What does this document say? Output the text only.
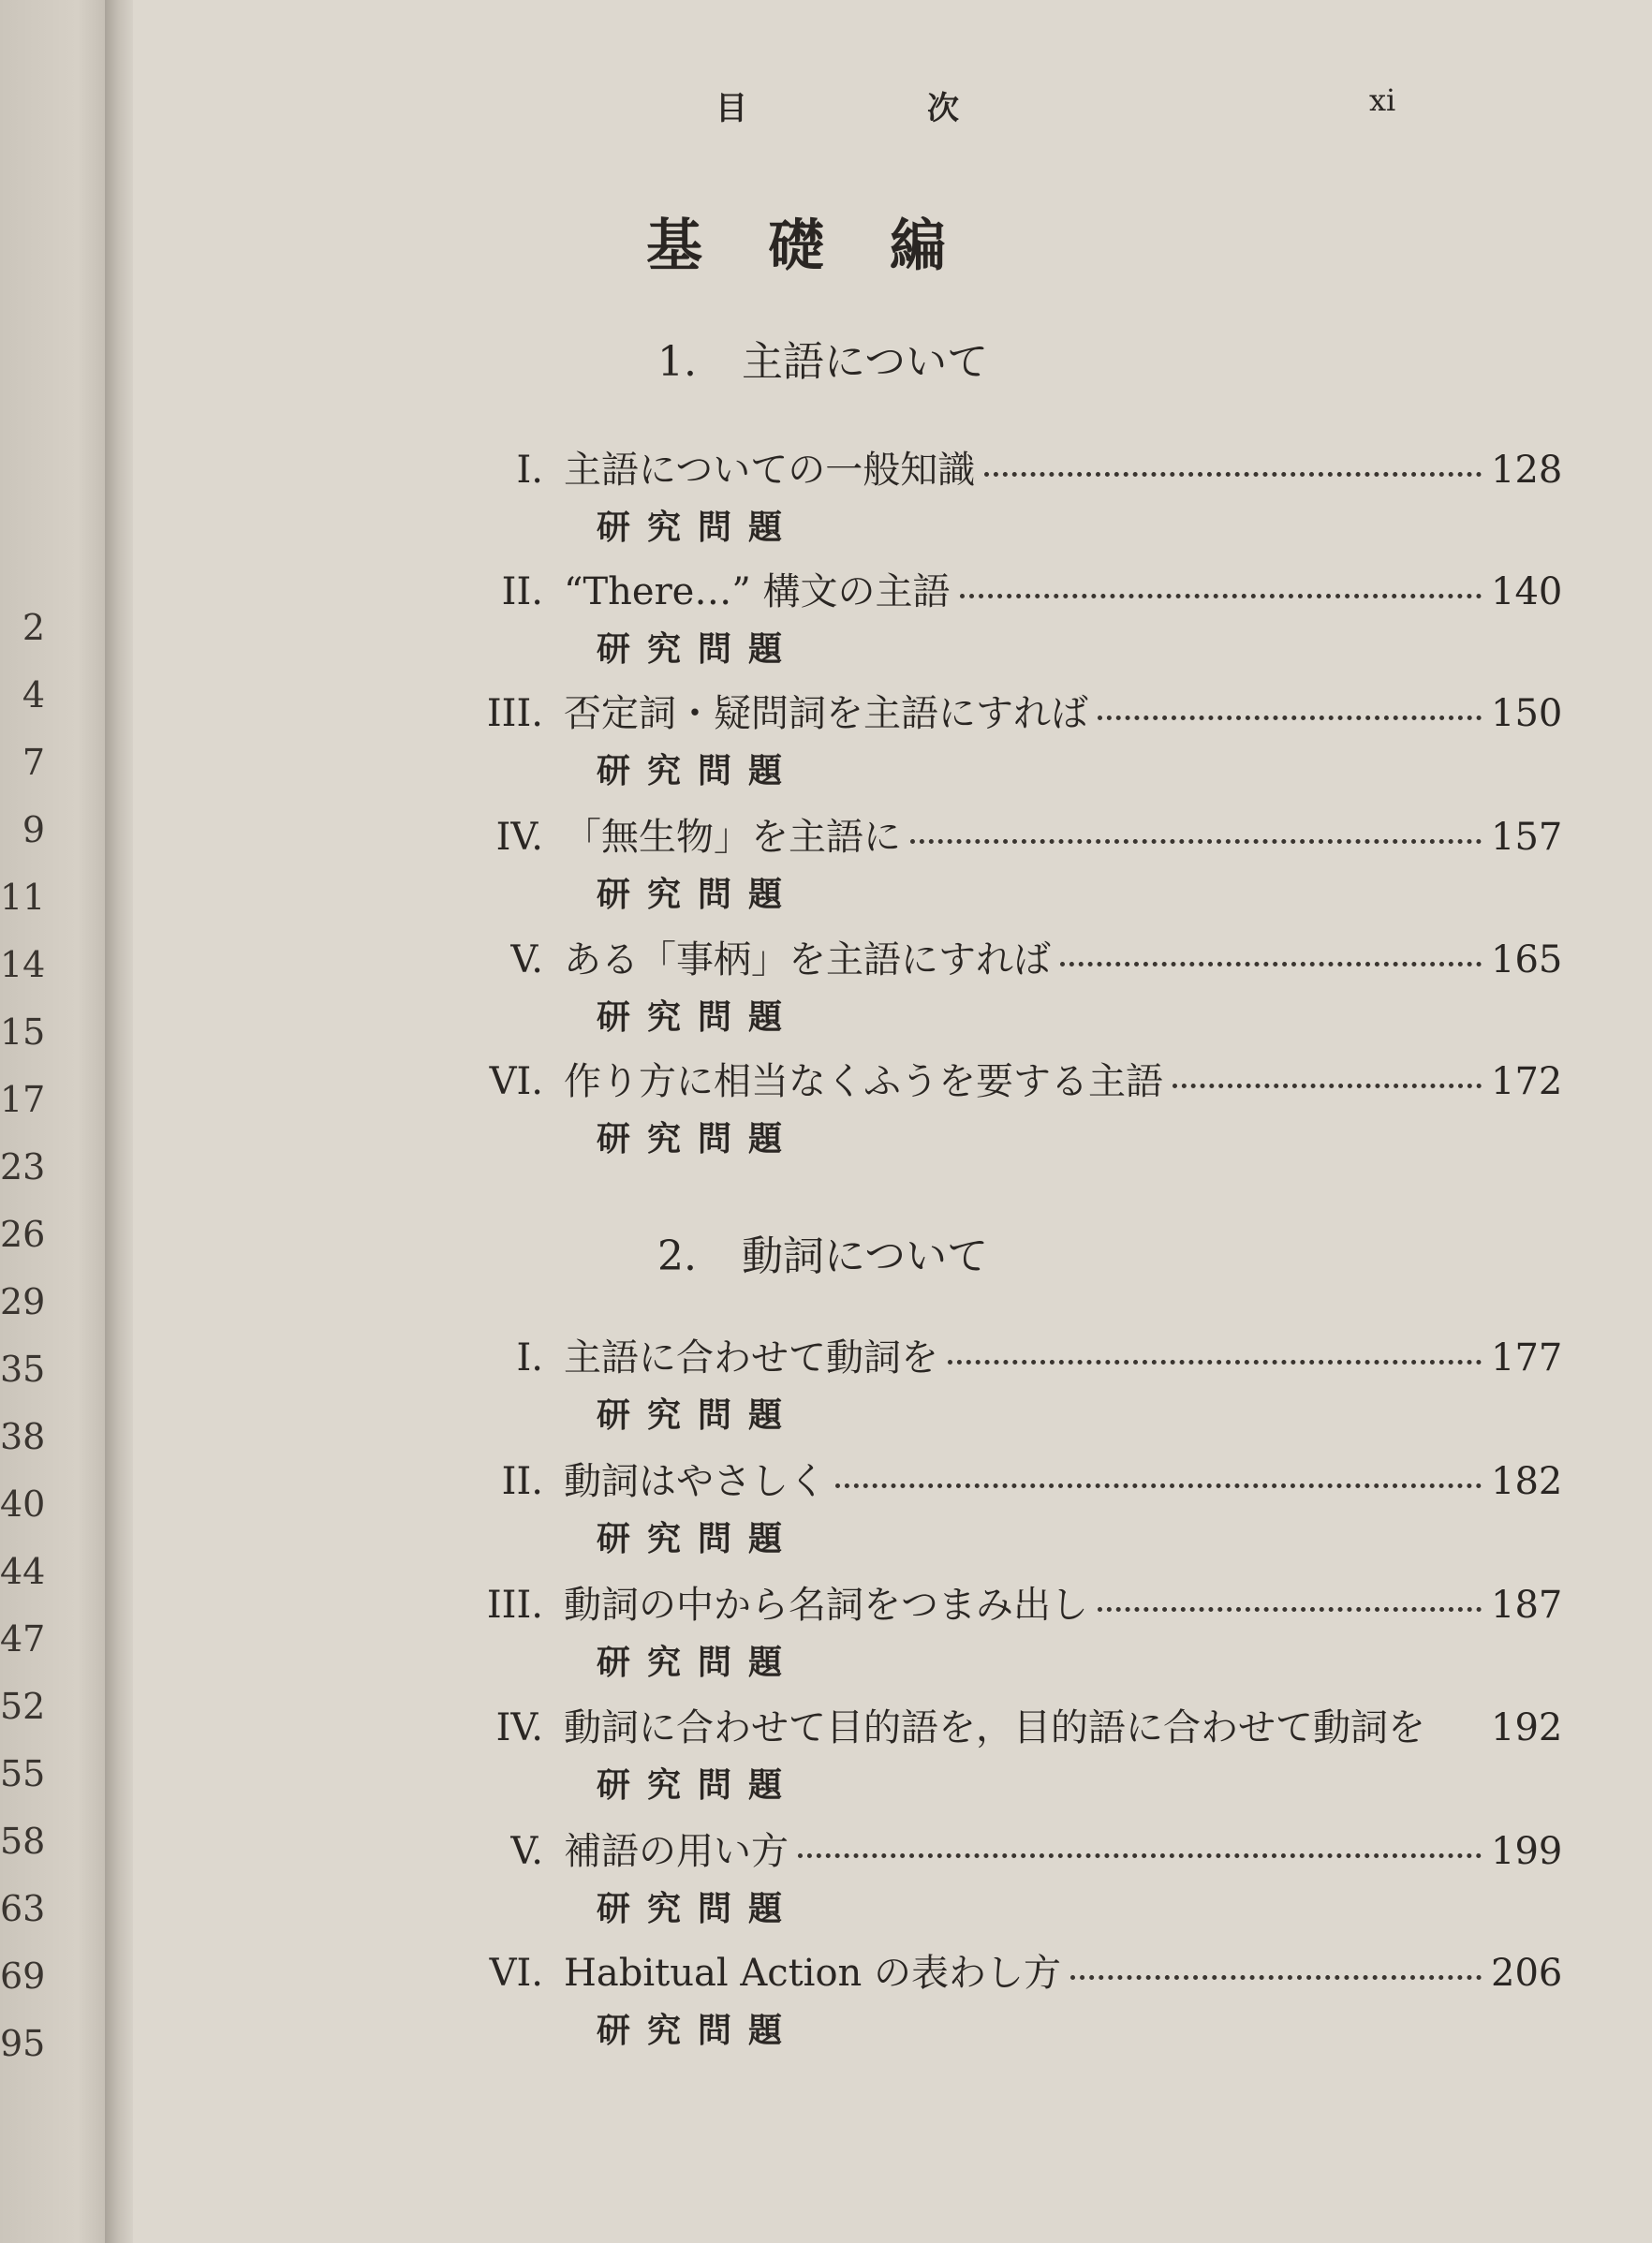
2
4
7
9
11
14
15
17
23
26
29
35
38
40
44
47
52
55
58
63
69
95
目	次	xi
基礎編
1. 主語について
I. 主語についての一般知識	128
研究問題
II. “There…” 構文の主語	140
研究問題
III. 否定詞・疑問詞を主語にすれば	150
研究問題
IV. 「無生物」を主語に	157
研究問題
V. ある「事柄」を主語にすれば	165
研究問題
VI. 作り方に相当なくふうを要する主語	172
研究問題
2. 動詞について
I. 主語に合わせて動詞を	177
研究問題
II. 動詞はやさしく	182
研究問題
III. 動詞の中から名詞をつまみ出し	187
研究問題
IV. 動詞に合わせて目的語を，目的語に合わせて動詞を 192
研究問題
V. 補語の用い方	199
研究問題
VI. Habitual Action の表わし方	206
研究問題
